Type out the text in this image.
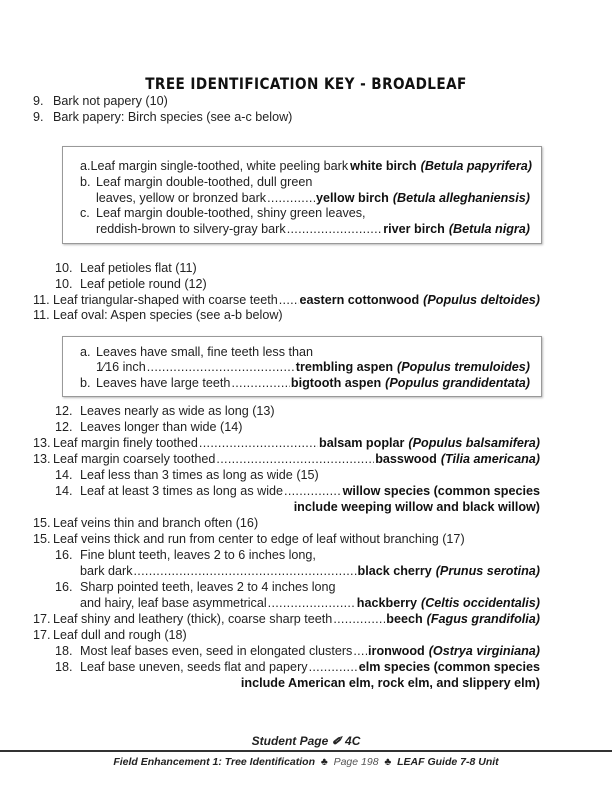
TREE IDENTIFICATION KEY - BROADLEAF
9. Bark not papery (10)
9. Bark papery: Birch species (see a-c below)
a. Leaf margin single-toothed, white peeling bark white birch (Betula papyrifera)
b. Leaf margin double-toothed, dull green
leaves, yellow or bronzed bark .....	yellow birch (Betula alleghaniensis)
c. Leaf margin double-toothed, shiny green leaves,
reddish-brown to silvery-gray bark .....	river birch (Betula nigra)
10. Leaf petioles flat (11)
10. Leaf petiole round (12)
11. Leaf triangular-shaped with coarse teeth ..... eastern cottonwood (Populus deltoides)
11. Leaf oval: Aspen species (see a-b below)
a. Leaves have small, fine teeth less than
1⁄16 inch .....	trembling aspen (Populus tremuloides)
b. Leaves have large teeth .....	bigtooth aspen (Populus grandidentata)
12. Leaves nearly as wide as long (13)
12. Leaves longer than wide (14)
13. Leaf margin finely toothed .....	balsam poplar (Populus balsamifera)
13. Leaf margin coarsely toothed .....	basswood (Tilia americana)
14. Leaf less than 3 times as long as wide (15)
14. Leaf at least 3 times as long as wide .....	willow species (common species
include weeping willow and black willow)
15. Leaf veins thin and branch often (16)
15. Leaf veins thick and run from center to edge of leaf without branching (17)
16. Fine blunt teeth, leaves 2 to 6 inches long,
bark dark .....	black cherry (Prunus serotina)
16. Sharp pointed teeth, leaves 2 to 4 inches long
and hairy, leaf base asymmetrical .....	hackberry (Celtis occidentalis)
17. Leaf shiny and leathery (thick), coarse sharp teeth .....	beech (Fagus grandifolia)
17. Leaf dull and rough (18)
18. Most leaf bases even, seed in elongated clusters ..... ironwood (Ostrya virginiana)
18. Leaf base uneven, seeds flat and papery .....	elm species (common species
include American elm, rock elm, and slippery elm)
Student Page ✐ 4C
Field Enhancement 1: Tree Identification ♣ Page 198 ♣ LEAF Guide 7-8 Unit
